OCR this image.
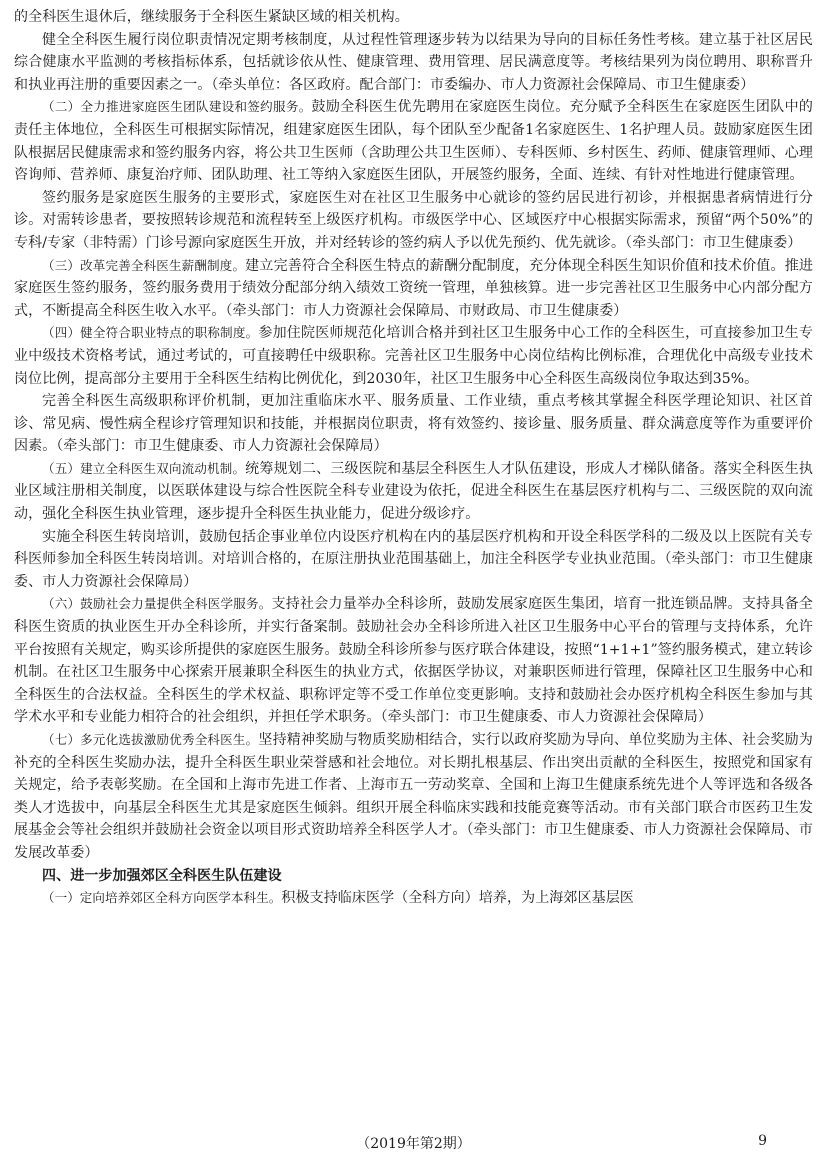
的全科医生退休后，继续服务于全科医生紧缺区域的相关机构。

健全全科医生履行岗位职责情况定期考核制度，从过程性管理逐步转为以结果为导向的目标任务性考核。建立基于社区居民综合健康水平监测的考核指标体系，包括就诊依从性、健康管理、费用管理、居民满意度等。考核结果列为岗位聘用、职称晋升和执业再注册的重要因素之一。（牵头单位：各区政府。配合部门：市委编办、市人力资源社会保障局、市卫生健康委）

（二）全力推进家庭医生团队建设和签约服务。鼓励全科医生优先聘用在家庭医生岗位。充分赋予全科医生在家庭医生团队中的责任主体地位，全科医生可根据实际情况，组建家庭医生团队，每个团队至少配备1名家庭医生、1名护理人员。鼓励家庭医生团队根据居民健康需求和签约服务内容，将公共卫生医师（含助理公共卫生医师）、专科医师、乡村医生、药师、健康管理师、心理咨询师、营养师、康复治疗师、团队助理、社工等纳入家庭医生团队，开展签约服务，全面、连续、有针对性地进行健康管理。

签约服务是家庭医生服务的主要形式，家庭医生对在社区卫生服务中心就诊的签约居民进行初诊，并根据患者病情进行分诊。对需转诊患者，要按照转诊规范和流程转至上级医疗机构。市级医学中心、区域医疗中心根据实际需求，预留“两个50%”的专科/专家（非特需）门诊号源向家庭医生开放，并对经转诊的签约病人予以优先预约、优先就诊。（牵头部门：市卫生健康委）

（三）改革完善全科医生薪酬制度。建立完善符合全科医生特点的薪酬分配制度，充分体现全科医生知识价值和技术价值。推进家庭医生签约服务，签约服务费用于绩效分配部分纳入绩效工资统一管理，单独核算。进一步完善社区卫生服务中心内部分配方式，不断提高全科医生收入水平。（牵头部门：市人力资源社会保障局、市财政局、市卫生健康委）

（四）健全符合职业特点的职称制度。参加住院医师规范化培训合格并到社区卫生服务中心工作的全科医生，可直接参加卫生专业中级技术资格考试，通过考试的，可直接聘任中级职称。完善社区卫生服务中心岗位结构比例标准，合理优化中高级专业技术岗位比例，提高部分主要用于全科医生结构比例优化，到2030年，社区卫生服务中心全科医生高级岗位争取达到35%。

完善全科医生高级职称评价机制，更加注重临床水平、服务质量、工作业绩，重点考核其掌握全科医学理论知识、社区首诊、常见病、慢性病全程诊疗管理知识和技能，并根据岗位职责，将有效签约、接诊量、服务质量、群众满意度等作为重要评价因素。（牵头部门：市卫生健康委、市人力资源社会保障局）

（五）建立全科医生双向流动机制。统筹规划二、三级医院和基层全科医生人才队伍建设，形成人才梯队储备。落实全科医生执业区域注册相关制度，以医联体建设与综合性医院全科专业建设为依托，促进全科医生在基层医疗机构与二、三级医院的双向流动，强化全科医生执业管理，逐步提升全科医生执业能力，促进分级诊疗。

实施全科医生转岗培训，鼓励包括企事业单位内设医疗机构在内的基层医疗机构和开设全科医学科的二级及以上医院有关专科医师参加全科医生转岗培训。对培训合格的，在原注册执业范围基础上，加注全科医学专业执业范围。（牵头部门：市卫生健康委、市人力资源社会保障局）

（六）鼓励社会力量提供全科医学服务。支持社会力量举办全科诊所，鼓励发展家庭医生集团，培育一批连锁品牌。支持具备全科医生资质的执业医生开办全科诊所，并实行备案制。鼓励社会办全科诊所进入社区卫生服务中心平台的管理与支持体系，允许平台按照有关规定，购买诊所提供的家庭医生服务。鼓励全科诊所参与医疗联合体建设，按照“1+1+1”签约服务模式，建立转诊机制。在社区卫生服务中心探索开展兼职全科医生的执业方式，依据医学协议，对兼职医师进行管理，保障社区卫生服务中心和全科医生的合法权益。全科医生的学术权益、职称评定等不受工作单位变更影响。支持和鼓励社会办医疗机构全科医生参加与其学术水平和专业能力相符合的社会组织，并担任学术职务。（牵头部门：市卫生健康委、市人力资源社会保障局）

（七）多元化选拔激励优秀全科医生。坚持精神奖励与物质奖励相结合，实行以政府奖励为导向、单位奖励为主体、社会奖励为补充的全科医生奖励办法，提升全科医生职业荣誉感和社会地位。对长期扎根基层、作出突出贡献的全科医生，按照党和国家有关规定，给予表彰奖励。在全国和上海市先进工作者、上海市五一劳动奖章、全国和上海卫生健康系统先进个人等评选和各级各类人才选拔中，向基层全科医生尤其是家庭医生倾斜。组织开展全科临床实践和技能竞赛等活动。市有关部门联合市医药卫生发展基金会等社会组织并鼓励社会资金以项目形式资助培养全科医学人才。（牵头部门：市卫生健康委、市人力资源社会保障局、市发展改革委）

四、进一步加强郊区全科医生队伍建设

（一）定向培养郊区全科方向医学本科生。积极支持临床医学（全科方向）培养，为上海郊区基层医

（2019年第2期）	9
